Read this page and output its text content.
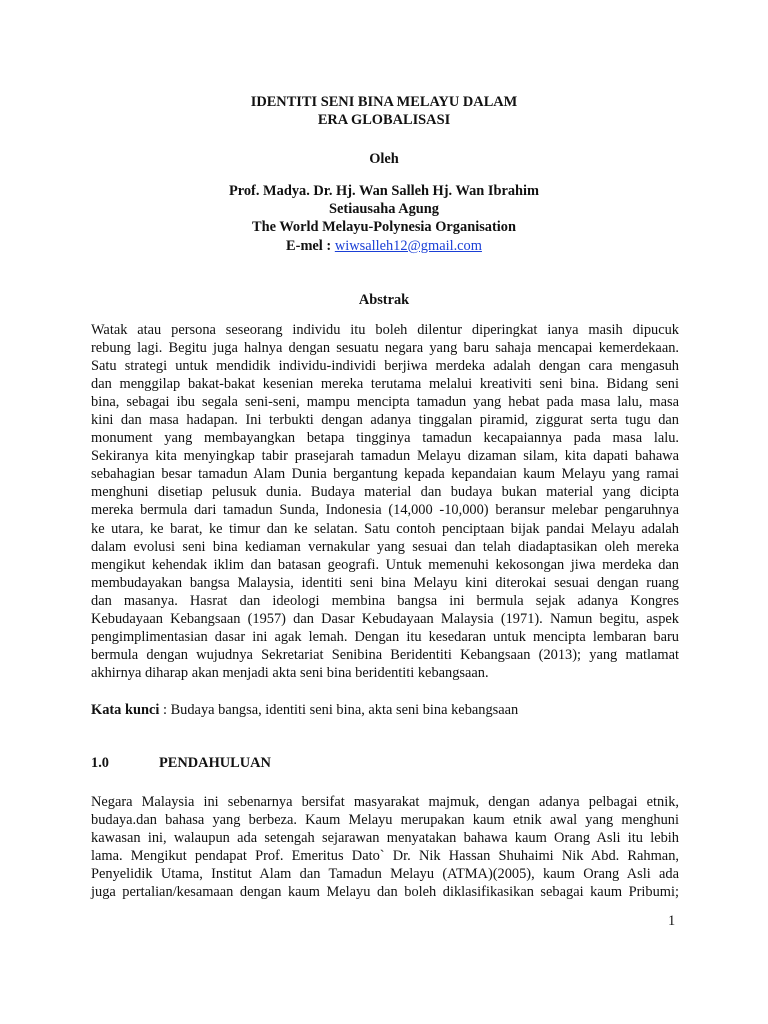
IDENTITI SENI BINA MELAYU DALAM
ERA GLOBALISASI
Oleh
Prof. Madya. Dr. Hj. Wan Salleh Hj. Wan Ibrahim
Setiausaha Agung
The World Melayu-Polynesia Organisation
E-mel : wiwsalleh12@gmail.com
Abstrak
Watak atau persona seseorang individu itu boleh dilentur diperingkat ianya masih dipucuk
rebung lagi. Begitu juga halnya dengan sesuatu negara yang baru sahaja mencapai kemerdekaan.
Satu strategi untuk mendidik individu-individi berjiwa merdeka adalah dengan cara mengasuh
dan menggilap bakat-bakat kesenian mereka terutama melalui kreativiti seni bina. Bidang seni
bina, sebagai ibu segala seni-seni, mampu mencipta tamadun yang hebat pada masa lalu, masa
kini dan masa hadapan. Ini terbukti dengan adanya tinggalan piramid, ziggurat serta tugu dan
monument yang membayangkan betapa tingginya tamadun kecapaiannya pada masa lalu.
Sekiranya kita menyingkap tabir prasejarah tamadun Melayu dizaman silam, kita dapati bahawa
sebahagian besar tamadun Alam Dunia bergantung kepada kepandaian kaum Melayu yang ramai
menghuni disetiap pelusuk dunia. Budaya material dan budaya bukan material yang dicipta
mereka bermula dari tamadun Sunda, Indonesia (14,000 -10,000) beransur melebar pengaruhnya
ke utara, ke barat, ke timur dan ke selatan. Satu contoh penciptaan bijak pandai Melayu adalah
dalam evolusi seni bina kediaman vernakular yang sesuai dan telah diadaptasikan oleh mereka
mengikut kehendak iklim dan batasan geografi. Untuk memenuhi kekosongan jiwa merdeka dan
membudayakan bangsa Malaysia, identiti seni bina Melayu kini diterokai sesuai dengan ruang
dan masanya. Hasrat dan ideologi membina bangsa ini bermula sejak adanya Kongres
Kebudayaan Kebangsaan (1957) dan Dasar Kebudayaan Malaysia (1971). Namun begitu, aspek
pengimplimentasian dasar ini agak lemah. Dengan itu kesedaran untuk mencipta lembaran baru
bermula dengan wujudnya Sekretariat Senibina Beridentiti Kebangsaan (2013); yang matlamat
akhirnya diharap akan menjadi akta seni bina beridentiti kebangsaan.
Kata kunci : Budaya bangsa, identiti seni bina, akta seni bina kebangsaan
1.0	PENDAHULUAN
Negara Malaysia ini sebenarnya bersifat masyarakat majmuk, dengan adanya pelbagai etnik,
budaya.dan bahasa yang berbeza. Kaum Melayu merupakan kaum etnik awal yang menghuni
kawasan ini, walaupun ada setengah sejarawan menyatakan bahawa kaum Orang Asli itu lebih
lama. Mengikut pendapat Prof. Emeritus Dato` Dr. Nik Hassan Shuhaimi Nik Abd. Rahman,
Penyelidik Utama, Institut Alam dan Tamadun Melayu (ATMA)(2005), kaum Orang Asli ada
juga pertalian/kesamaan dengan kaum Melayu dan boleh diklasifikasikan sebagai kaum Pribumi;
1
